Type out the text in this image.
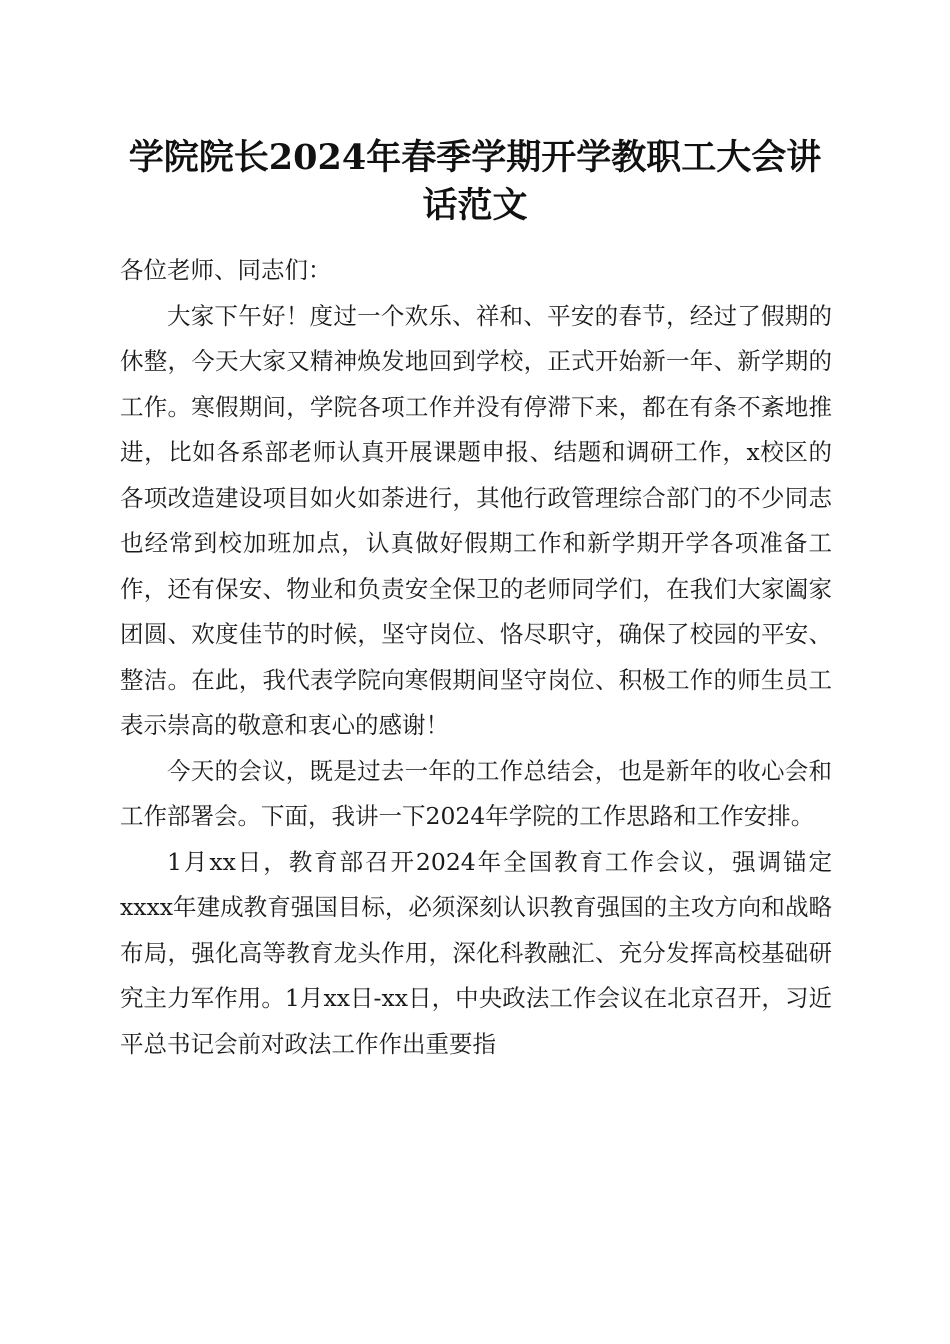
学院院长2024年春季学期开学教职工大会讲话范文

各位老师、同志们：

大家下午好！度过一个欢乐、祥和、平安的春节，经过了假期的休整，今天大家又精神焕发地回到学校，正式开始新一年、新学期的工作。寒假期间，学院各项工作并没有停滞下来，都在有条不紊地推进，比如各系部老师认真开展课题申报、结题和调研工作，x校区的各项改造建设项目如火如荼进行，其他行政管理综合部门的不少同志也经常到校加班加点，认真做好假期工作和新学期开学各项准备工作，还有保安、物业和负责安全保卫的老师同学们，在我们大家阖家团圆、欢度佳节的时候，坚守岗位、恪尽职守，确保了校园的平安、整洁。在此，我代表学院向寒假期间坚守岗位、积极工作的师生员工表示崇高的敬意和衷心的感谢！

今天的会议，既是过去一年的工作总结会，也是新年的收心会和工作部署会。下面，我讲一下2024年学院的工作思路和工作安排。

1月xx日，教育部召开2024年全国教育工作会议，强调锚定xxxx年建成教育强国目标，必须深刻认识教育强国的主攻方向和战略布局，强化高等教育龙头作用，深化科教融汇、充分发挥高校基础研究主力军作用。1月xx日-xx日，中央政法工作会议在北京召开，习近平总书记会前对政法工作作出重要指
